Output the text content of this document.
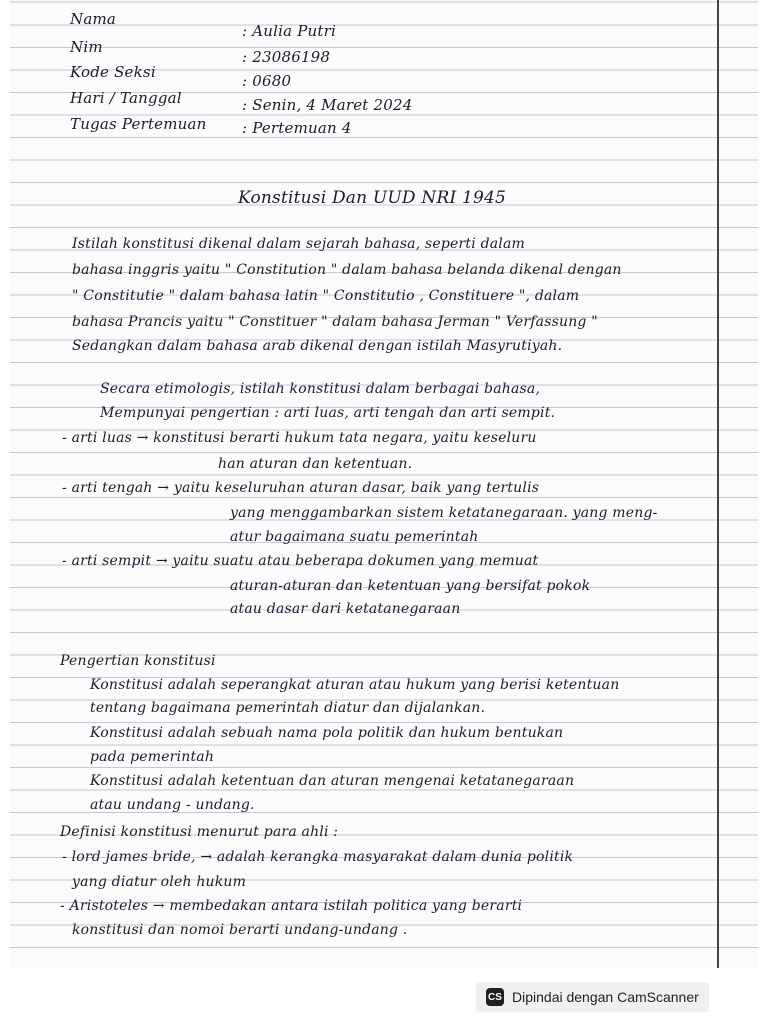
Nama
: Aulia Putri
Nim
: 23086198
Kode Seksi	: 0680
Hari / Tanggal	: Senin, 4 Maret 2024
Tugas Pertemuan : Pertemuan 4
Konstitusi Dan UUD NRI 1945
Istilah konstitusi dikenal dalam sejarah bahasa, seperti dalam
bahasa inggris yaitu " Constitution " dalam bahasa belanda dikenal dengan
" Constitutie " dalam bahasa latin " Constitutio , Constituere ", dalam
bahasa Prancis yaitu " Constituer " dalam bahasa Jerman " Verfassung "
Sedangkan dalam bahasa arab dikenal dengan istilah Masyrutiyah.
Secara etimologis, istilah konstitusi dalam berbagai bahasa,
Mempunyai pengertian : arti luas, arti tengah dan arti sempit.
- arti luas → konstitusi berarti hukum tata negara, yaitu keseluru
han aturan dan ketentuan.
- arti tengah → yaitu keseluruhan aturan dasar, baik yang tertulis
yang menggambarkan sistem ketatanegaraan. yang meng-
atur bagaimana suatu pemerintah
- arti sempit → yaitu suatu atau beberapa dokumen yang memuat
aturan-aturan dan ketentuan yang bersifat pokok
atau dasar dari ketatanegaraan
Pengertian konstitusi
Konstitusi adalah seperangkat aturan atau hukum yang berisi ketentuan
tentang bagaimana pemerintah diatur dan dijalankan.
Konstitusi adalah sebuah nama pola politik dan hukum bentukan
pada pemerintah
Konstitusi adalah ketentuan dan aturan mengenai ketatanegaraan
atau undang - undang.
Definisi konstitusi menurut para ahli :
- lord james bride, → adalah kerangka masyarakat dalam dunia politik
yang diatur oleh hukum
- Aristoteles → membedakan antara istilah politica yang berarti
konstitusi dan nomoi berarti undang-undang .
CS Dipindai dengan CamScanner
